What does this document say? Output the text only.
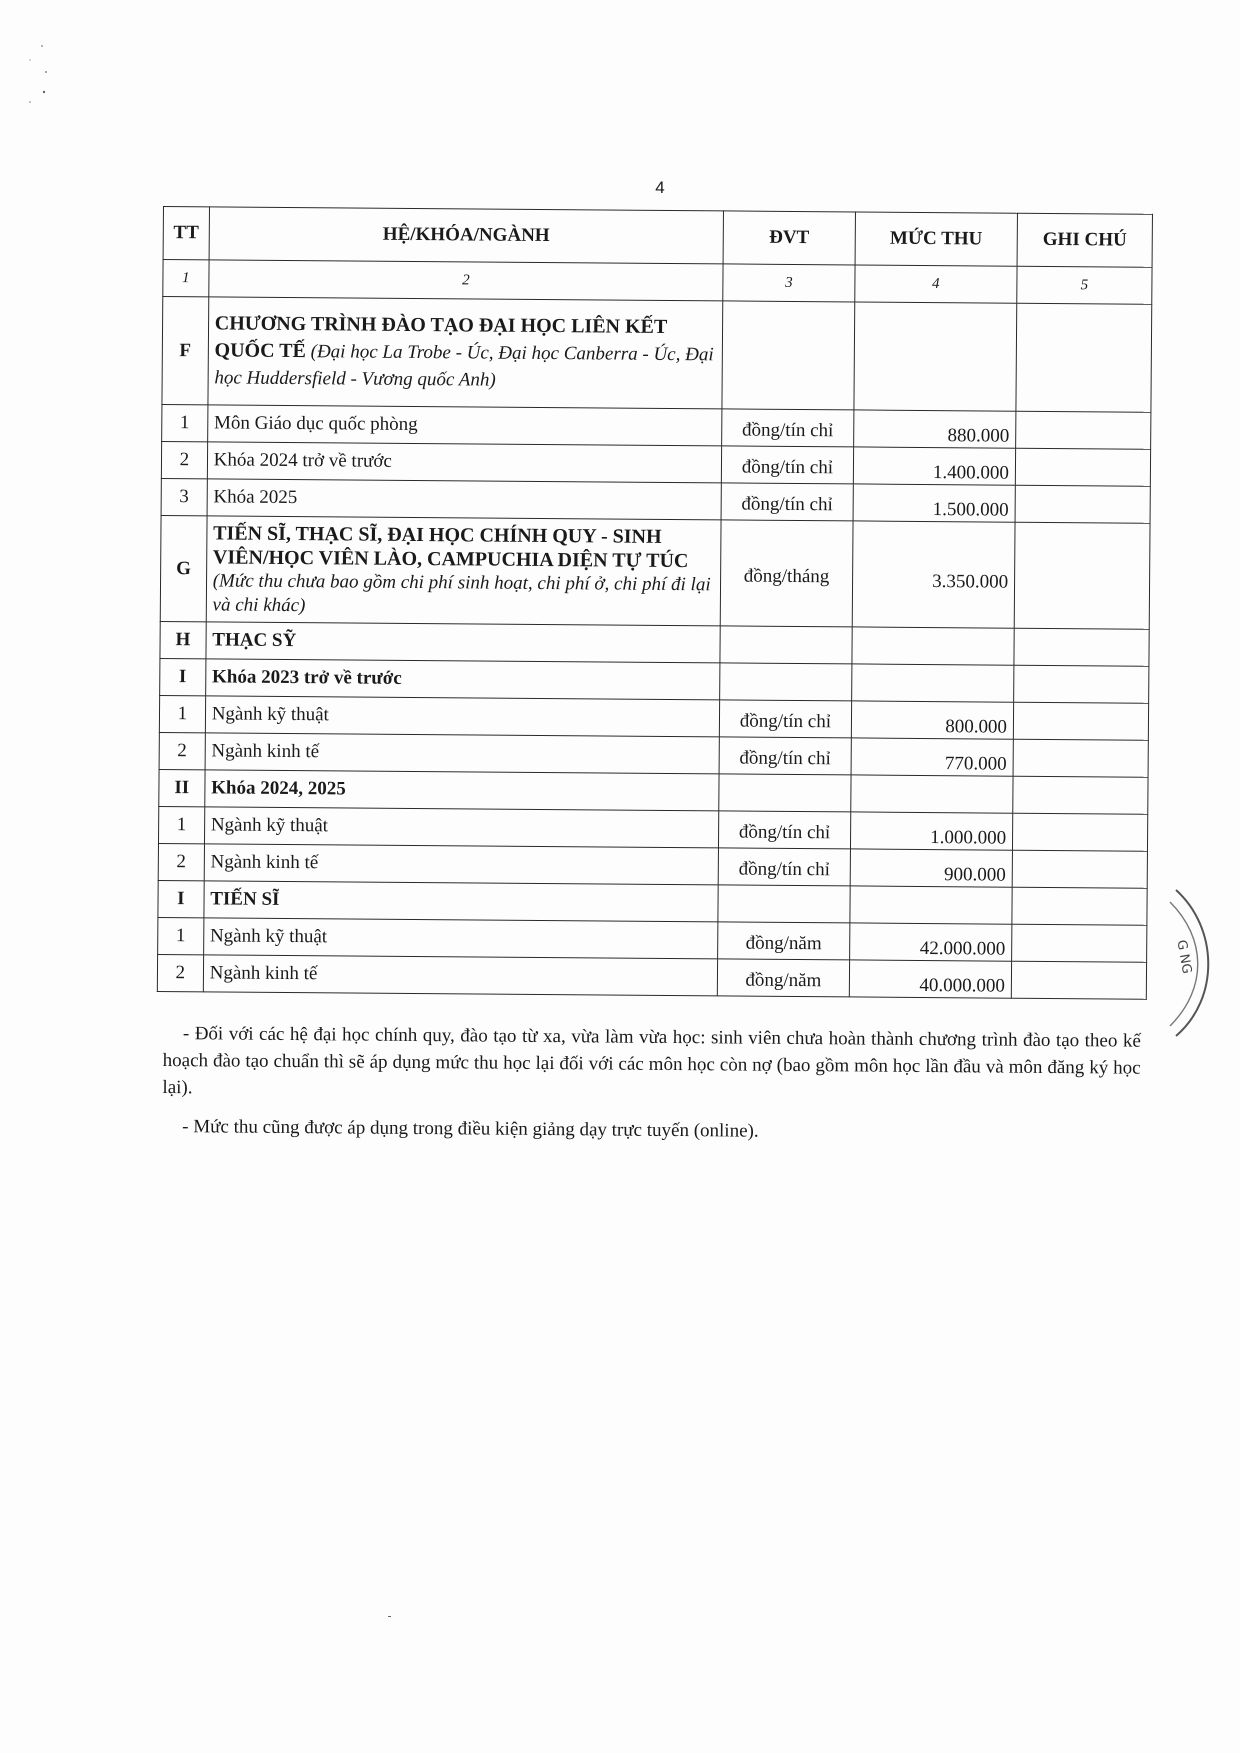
4
TT	HỆ/KHÓA/NGÀNH	ĐVT	MỨC THU	GHI CHÚ
1	2	3	4	5
F	CHƯƠNG TRÌNH ĐÀO TẠO ĐẠI HỌC LIÊN KẾT QUỐC TẾ (Đại học La Trobe - Úc, Đại học Canberra - Úc, Đại học Huddersfield - Vương quốc Anh)			
1	Môn Giáo dục quốc phòng	đồng/tín chỉ	880.000	
2	Khóa 2024 trở về trước	đồng/tín chỉ	1.400.000	
3	Khóa 2025	đồng/tín chỉ	1.500.000	
G	TIẾN SĨ, THẠC SĨ, ĐẠI HỌC CHÍNH QUY - SINH VIÊN/HỌC VIÊN LÀO, CAMPUCHIA DIỆN TỰ TÚC (Mức thu chưa bao gồm chi phí sinh hoạt, chi phí ở, chi phí đi lại và chi khác)	đồng/tháng	3.350.000	
H	THẠC SỸ			
I	Khóa 2023 trở về trước			
1	Ngành kỹ thuật	đồng/tín chỉ	800.000	
2	Ngành kinh tế	đồng/tín chỉ	770.000	
II	Khóa 2024, 2025			
1	Ngành kỹ thuật	đồng/tín chỉ	1.000.000	
2	Ngành kinh tế	đồng/tín chỉ	900.000	
I	TIẾN SĨ			
1	Ngành kỹ thuật	đồng/năm	42.000.000	
2	Ngành kinh tế	đồng/năm	40.000.000	

- Đối với các hệ đại học chính quy, đào tạo từ xa, vừa làm vừa học: sinh viên chưa hoàn thành chương trình đào tạo theo kế hoạch đào tạo chuẩn thì sẽ áp dụng mức thu học lại đối với các môn học còn nợ (bao gồm môn học lần đầu và môn đăng ký học lại).

- Mức thu cũng được áp dụng trong điều kiện giảng dạy trực tuyến (online).

G NG
